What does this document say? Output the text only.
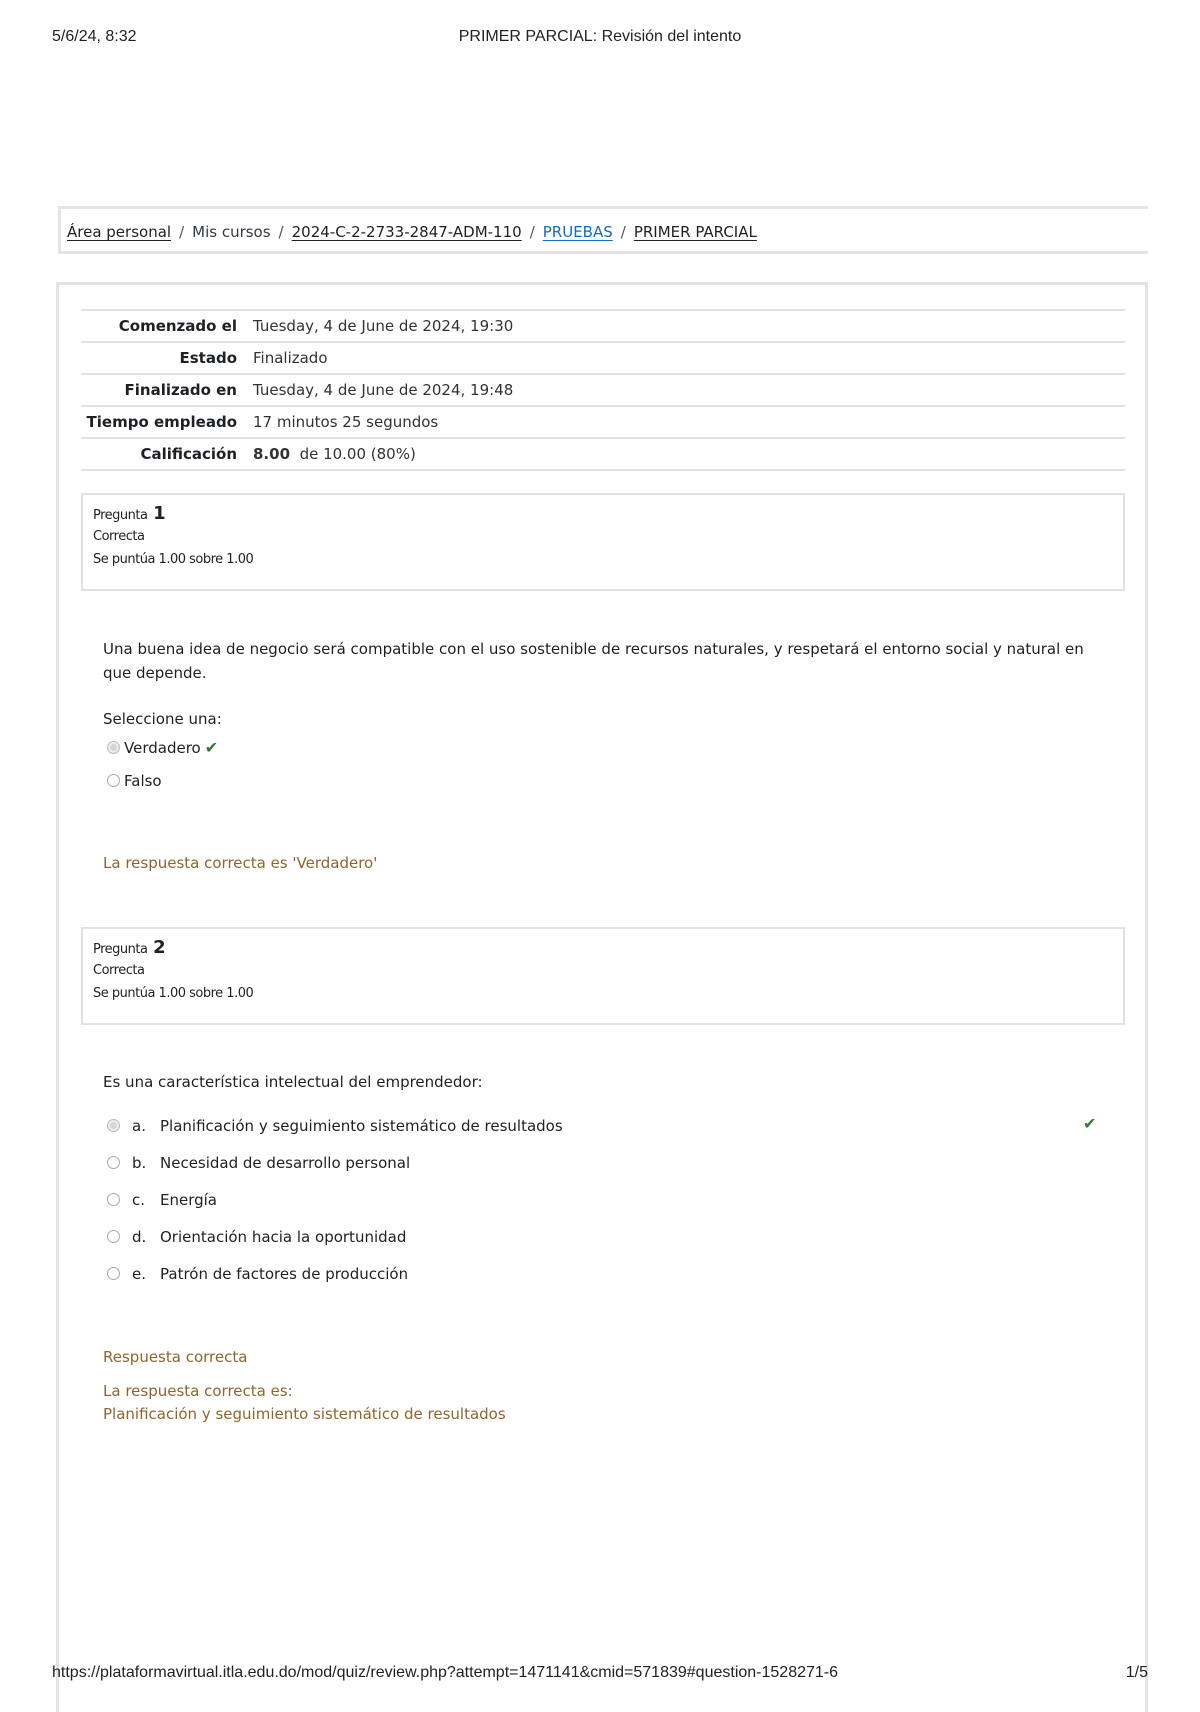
5/6/24, 8:32	PRIMER PARCIAL: Revisión del intento
Área personal / Mis cursos / 2024-C-2-2733-2847-ADM-110 / PRUEBAS / PRIMER PARCIAL
Comenzado el	Tuesday, 4 de June de 2024, 19:30
Estado	Finalizado
Finalizado en	Tuesday, 4 de June de 2024, 19:48
Tiempo empleado	17 minutos 25 segundos
Calificación	8.00 de 10.00 (80%)
Pregunta 1
Correcta
Se puntúa 1.00 sobre 1.00
Una buena idea de negocio será compatible con el uso sostenible de recursos naturales, y respetará el entorno social y natural en que depende.
Seleccione una:
Verdadero ✔
Falso
La respuesta correcta es 'Verdadero'
Pregunta 2
Correcta
Se puntúa 1.00 sobre 1.00
Es una característica intelectual del emprendedor:
a. Planificación y seguimiento sistemático de resultados	✔
b. Necesidad de desarrollo personal
c. Energía
d. Orientación hacia la oportunidad
e. Patrón de factores de producción
Respuesta correcta
La respuesta correcta es:
Planificación y seguimiento sistemático de resultados
https://plataformavirtual.itla.edu.do/mod/quiz/review.php?attempt=1471141&cmid=571839#question-1528271-6	1/5
